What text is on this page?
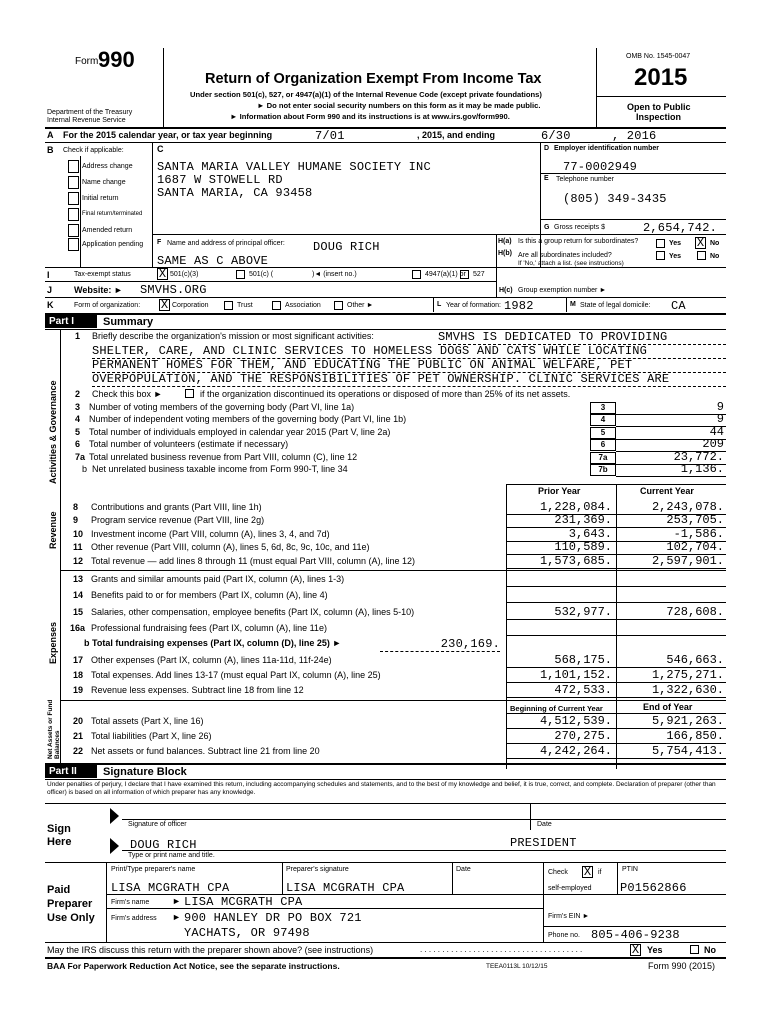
Form 990
Return of Organization Exempt From Income Tax
Under section 501(c), 527, or 4947(a)(1) of the Internal Revenue Code (except private foundations)
► Do not enter social security numbers on this form as it may be made public.
► Information about Form 990 and its instructions is at www.irs.gov/form990.
Department of the Treasury
Internal Revenue Service
OMB No. 1545-0047
2015
Open to Public
Inspection
A For the 2015 calendar year, or tax year beginning	7/01	, 2015, and ending	6/30	, 2016
B Check if applicable:	C
Address change
Name change
Initial return
Final return/terminated
Amended return
Application pending
SANTA MARIA VALLEY HUMANE SOCIETY INC
1687 W STOWELL RD
SANTA MARIA, CA 93458
D Employer identification number
77-0002949
E Telephone number
(805) 349-3435
G Gross receipts $	2,654,742.
F Name and address of principal officer: DOUG RICH
SAME AS C ABOVE
H(a) Is this a group return for subordinates?	Yes X No
H(b) Are all subordinates included?
If 'No,' attach a list. (see instructions)
Yes	No
I	Tax-exempt status X 501(c)(3)	501(c) (	)◄ (insert no.)	4947(a)(1) or 527
J Website: ► SMVHS.ORG	H(c) Group exemption number ►
K	Form of organization: X Corporation	Trust	Association	Other ►	L Year of formation: 1982	M State of legal domicile: CA
Part I	Summary
Activities & Governance
Revenue
Expenses
Net Assets or Fund Balances
1 Briefly describe the organization's mission or most significant activities:	SMVHS IS DEDICATED TO PROVIDING
SHELTER, CARE, AND CLINIC SERVICES TO HOMELESS DOGS AND CATS WHILE LOCATING
PERMANENT HOMES FOR THEM, AND EDUCATING THE PUBLIC ON ANIMAL WELFARE, PET
OVERPOPULATION, AND THE RESPONSIBILITIES OF PET OWNERSHIP. CLINIC SERVICES ARE
2 Check this box ►	if the organization discontinued its operations or disposed of more than 25% of its net assets.
3 Number of voting members of the governing body (Part VI, line 1a)	3	9
4 Number of independent voting members of the governing body (Part VI, line 1b)	4	9
5 Total number of individuals employed in calendar year 2015 (Part V, line 2a)	5	44
6 Total number of volunteers (estimate if necessary)	6	209
7a Total unrelated business revenue from Part VIII, column (C), line 12	7a	23,772.
b Net unrelated business taxable income from Form 990-T, line 34	7b	1,136.
Prior Year	Current Year
8 Contributions and grants (Part VIII, line 1h)	1,228,084.	2,243,078.
9 Program service revenue (Part VIII, line 2g)	231,369.	253,705.
10 Investment income (Part VIII, column (A), lines 3, 4, and 7d)	3,643.	-1,586.
11 Other revenue (Part VIII, column (A), lines 5, 6d, 8c, 9c, 10c, and 11e)	110,589.	102,704.
12 Total revenue — add lines 8 through 11 (must equal Part VIII, column (A), line 12)	1,573,685.	2,597,901.
13 Grants and similar amounts paid (Part IX, column (A), lines 1-3)
14 Benefits paid to or for members (Part IX, column (A), line 4)
15 Salaries, other compensation, employee benefits (Part IX, column (A), lines 5-10)	532,977.	728,608.
16a Professional fundraising fees (Part IX, column (A), line 11e)
b Total fundraising expenses (Part IX, column (D), line 25) ►	230,169.
17 Other expenses (Part IX, column (A), lines 11a-11d, 11f-24e)	568,175.	546,663.
18 Total expenses. Add lines 13-17 (must equal Part IX, column (A), line 25)	1,101,152.	1,275,271.
19 Revenue less expenses. Subtract line 18 from line 12	472,533.	1,322,630.
Beginning of Current Year	End of Year
20 Total assets (Part X, line 16)	4,512,539.	5,921,263.
21 Total liabilities (Part X, line 26)	270,275.	166,850.
22 Net assets or fund balances. Subtract line 21 from line 20	4,242,264.	5,754,413.
Part II	Signature Block
Under penalties of perjury, I declare that I have examined this return, including accompanying schedules and statements, and to the best of my knowledge and belief, it is true, correct, and complete. Declaration of preparer (other than officer) is based on all information of which preparer has any knowledge.
Sign
Here
Signature of officer	Date
DOUG RICH	PRESIDENT
Type or print name and title.
Paid
Preparer
Use Only
Print/Type preparer's name	Preparer's signature	Date	Check X if
self-employed
PTIN
LISA MCGRATH CPA	LISA MCGRATH CPA	P01562866
Firm's name	► LISA MCGRATH CPA
Firm's EIN ►
Firm's address ► 900 HANLEY DR PO BOX 721
YACHATS, OR 97498	Phone no. 805-406-9238
May the IRS discuss this return with the preparer shown above? (see instructions)	. . . . . . . . . . . . . . . . . . . . . . . . . . . . . . . . . . . . .	X Yes	No
BAA For Paperwork Reduction Act Notice, see the separate instructions.	TEEA0113L 10/12/15	Form 990 (2015)
